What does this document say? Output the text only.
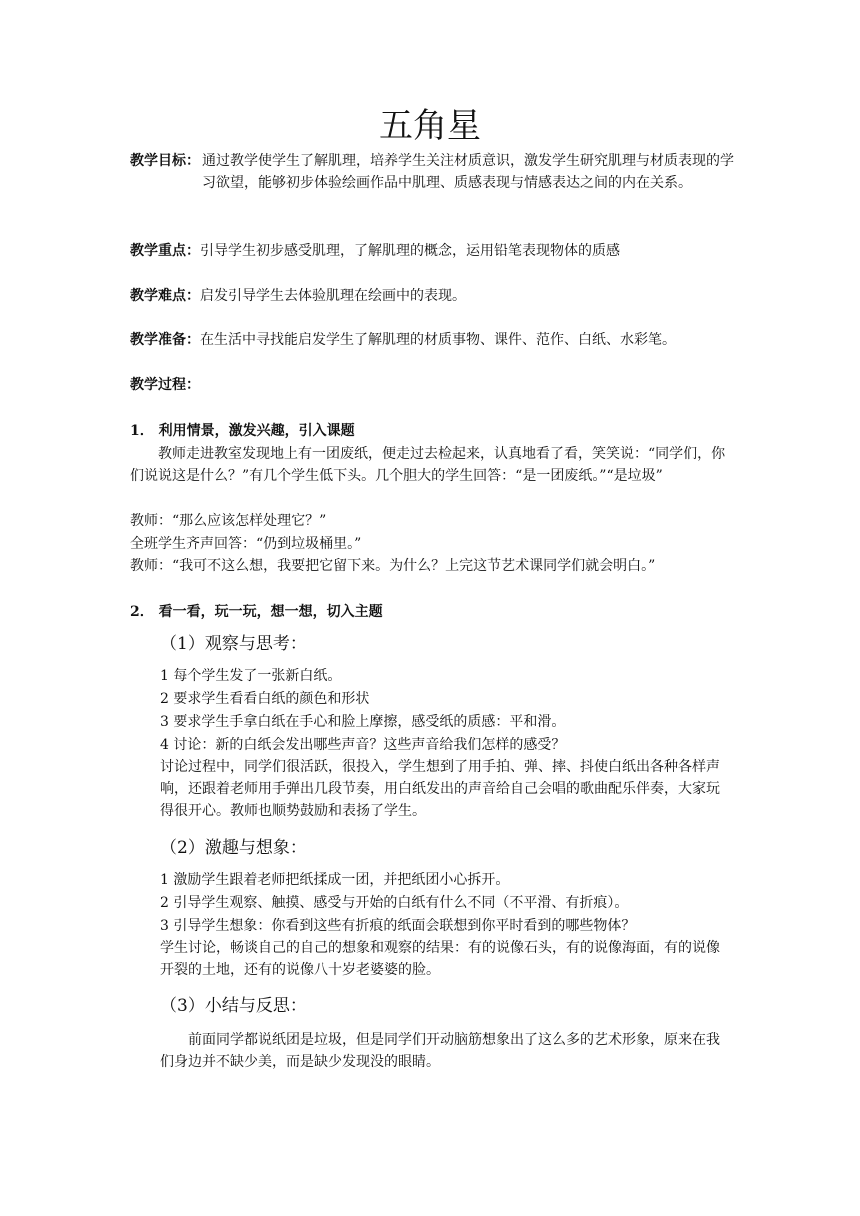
五角星
教学目标： 通过教学使学生了解肌理，培养学生关注材质意识，激发学生研究肌理与材质表现的学习欲望，能够初步体验绘画作品中肌理、质感表现与情感表达之间的内在关系。

教学重点：引导学生初步感受肌理，了解肌理的概念，运用铅笔表现物体的质感

教学难点：启发引导学生去体验肌理在绘画中的表现。

教学准备：在生活中寻找能启发学生了解肌理的材质事物、课件、范作、白纸、水彩笔。

教学过程：

1． 利用情景，激发兴趣，引入课题

教师走进教室发现地上有一团废纸，便走过去检起来，认真地看了看，笑笑说：“同学们，你们说说这是什么？”有几个学生低下头。几个胆大的学生回答：“是一团废纸。”“是垃圾”

教师：“那么应该怎样处理它？”

全班学生齐声回答：“仍到垃圾桶里。”

教师：“我可不这么想，我要把它留下来。为什么？上完这节艺术课同学们就会明白。”

2． 看一看，玩一玩，想一想，切入主题

（1）观察与思考：

1 每个学生发了一张新白纸。

2 要求学生看看白纸的颜色和形状

3 要求学生手拿白纸在手心和脸上摩擦，感受纸的质感：平和滑。

4 讨论：新的白纸会发出哪些声音？这些声音给我们怎样的感受？

讨论过程中，同学们很活跃，很投入，学生想到了用手拍、弹、摔、抖使白纸出各种各样声响，还跟着老师用手弹出几段节奏，用白纸发出的声音给自己会唱的歌曲配乐伴奏，大家玩得很开心。教师也顺势鼓励和表扬了学生。

（2）激趣与想象：

1 激励学生跟着老师把纸揉成一团，并把纸团小心拆开。

2 引导学生观察、触摸、感受与开始的白纸有什么不同（不平滑、有折痕）。

3 引导学生想象：你看到这些有折痕的纸面会联想到你平时看到的哪些物体？

学生讨论，畅谈自己的自己的想象和观察的结果：有的说像石头，有的说像海面，有的说像开裂的土地，还有的说像八十岁老婆婆的脸。

（3）小结与反思：

前面同学都说纸团是垃圾，但是同学们开动脑筋想象出了这么多的艺术形象，原来在我们身边并不缺少美，而是缺少发现没的眼睛。
